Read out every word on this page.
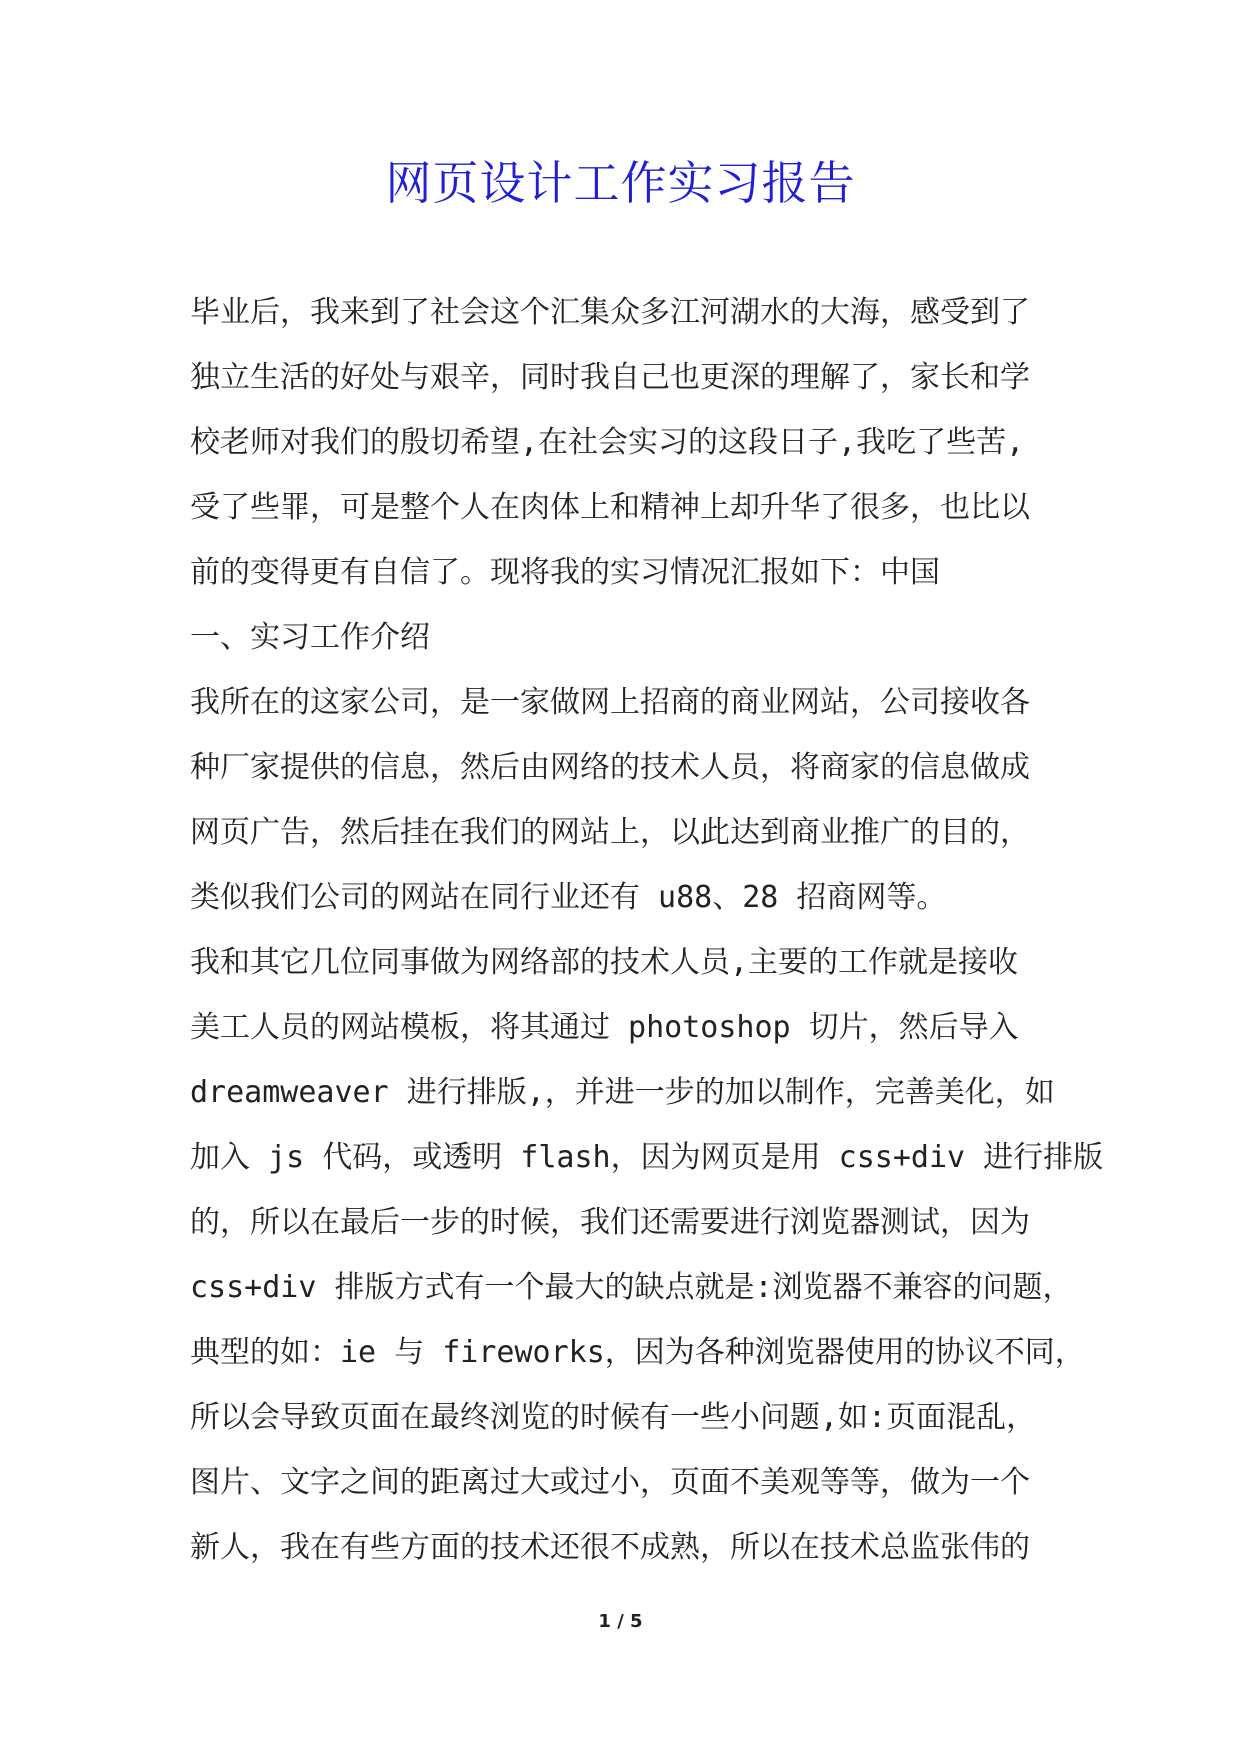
网页设计工作实习报告
毕业后，我来到了社会这个汇集众多江河湖水的大海，感受到了
独立生活的好处与艰辛，同时我自己也更深的理解了，家长和学
校老师对我们的殷切希望,在社会实习的这段日子,我吃了些苦,
受了些罪，可是整个人在肉体上和精神上却升华了很多，也比以
前的变得更有自信了。现将我的实习情况汇报如下：中国
一、实习工作介绍
我所在的这家公司，是一家做网上招商的商业网站，公司接收各
种厂家提供的信息，然后由网络的技术人员，将商家的信息做成
网页广告，然后挂在我们的网站上，以此达到商业推广的目的，
类似我们公司的网站在同行业还有 u88、28 招商网等。
我和其它几位同事做为网络部的技术人员,主要的工作就是接收
美工人员的网站模板，将其通过 photoshop 切片，然后导入
dreamweaver 进行排版,，并进一步的加以制作，完善美化，如
加入 js 代码，或透明 flash，因为网页是用 css+div 进行排版
的，所以在最后一步的时候，我们还需要进行浏览器测试，因为
css+div 排版方式有一个最大的缺点就是:浏览器不兼容的问题，
典型的如：ie 与 fireworks，因为各种浏览器使用的协议不同，
所以会导致页面在最终浏览的时候有一些小问题,如:页面混乱，
图片、文字之间的距离过大或过小，页面不美观等等，做为一个
新人，我在有些方面的技术还很不成熟，所以在技术总监张伟的
1 / 5
